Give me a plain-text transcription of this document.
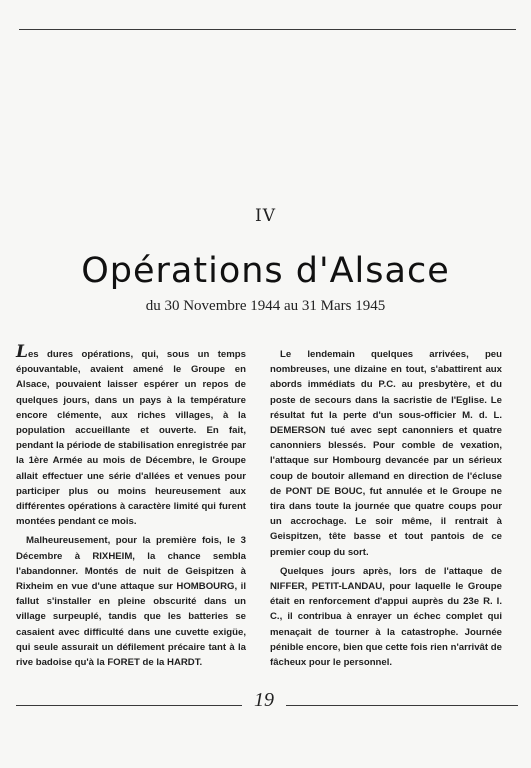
IV
Opérations d'Alsace
du 30 Novembre 1944 au 31 Mars 1945

Les dures opérations, qui, sous un temps épouvantable, avaient amené le Groupe en Alsace, pouvaient laisser espérer un repos de quelques jours, dans un pays à la température encore clémente, aux riches villages, à la population accueillante et ouverte. En fait, pendant la période de stabilisation enregistrée par la 1ère Armée au mois de Décembre, le Groupe allait effectuer une série d'allées et venues pour participer plus ou moins heureusement aux différentes opérations à caractère limité qui furent montées pendant ce mois.

Malheureusement, pour la première fois, le 3 Décembre à RIXHEIM, la chance sembla l'abandonner. Montés de nuit de Geispitzen à Rixheim en vue d'une attaque sur HOMBOURG, il fallut s'installer en pleine obscurité dans un village surpeuplé, tandis que les batteries se casaient avec difficulté dans une cuvette exigüe, qui seule assurait un défilement précaire tant à la rive badoise qu'à la FORET de la HARDT.

Le lendemain quelques arrivées, peu nombreuses, une dizaine en tout, s'abattirent aux abords immédiats du P.C. au presbytère, et du poste de secours dans la sacristie de l'Eglise. Le résultat fut la perte d'un sous-officier M. d. L. DEMERSON tué avec sept canonniers et quatre canonniers blessés. Pour comble de vexation, l'attaque sur Hombourg devancée par un sérieux coup de boutoir allemand en direction de l'écluse de PONT DE BOUC, fut annulée et le Groupe ne tira dans toute la journée que quatre coups pour un accrochage. Le soir même, il rentrait à Geispitzen, tête basse et tout pantois de ce premier coup du sort.

Quelques jours après, lors de l'attaque de NIFFER, PETIT-LANDAU, pour laquelle le Groupe était en renforcement d'appui auprès du 23e R. I. C., il contribua à enrayer un échec complet qui menaçait de tourner à la catastrophe. Journée pénible encore, bien que cette fois rien n'arrivât de fâcheux pour le personnel.

19
